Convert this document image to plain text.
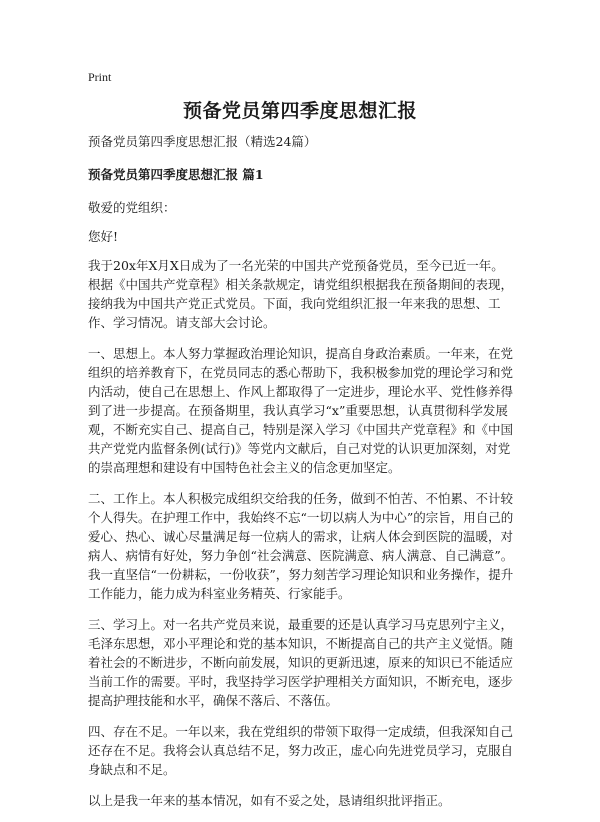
Print
预备党员第四季度思想汇报

预备党员第四季度思想汇报（精选24篇）

预备党员第四季度思想汇报 篇1

敬爱的党组织：

您好!

我于20x年X月X日成为了一名光荣的中国共产党预备党员，至今已近一年。根据《中国共产党章程》相关条款规定，请党组织根据我在预备期间的表现，接纳我为中国共产党正式党员。下面，我向党组织汇报一年来我的思想、工作、学习情况。请支部大会讨论。

一、思想上。本人努力掌握政治理论知识，提高自身政治素质。一年来，在党组织的培养教育下，在党员同志的悉心帮助下，我积极参加党的理论学习和党内活动，使自己在思想上、作风上都取得了一定进步，理论水平、党性修养得到了进一步提高。在预备期里，我认真学习“x”重要思想，认真贯彻科学发展观，不断充实自己、提高自己，特别是深入学习《中国共产党章程》和《中国共产党党内监督条例(试行)》等党内文献后，自己对党的认识更加深刻，对党的崇高理想和建设有中国特色社会主义的信念更加坚定。

二、工作上。本人积极完成组织交给我的任务，做到不怕苦、不怕累、不计较个人得失。在护理工作中，我始终不忘“一切以病人为中心”的宗旨，用自己的爱心、热心、诚心尽量满足每一位病人的需求，让病人体会到医院的温暖，对病人、病情有好处，努力争创“社会满意、医院满意、病人满意、自己满意”。我一直坚信“一份耕耘，一份收获”，努力刻苦学习理论知识和业务操作，提升工作能力，能力成为科室业务精英、行家能手。

三、学习上。对一名共产党员来说，最重要的还是认真学习马克思列宁主义，毛泽东思想，邓小平理论和党的基本知识，不断提高自己的共产主义觉悟。随着社会的不断进步，不断向前发展，知识的更新迅速，原来的知识已不能适应当前工作的需要。平时，我坚持学习医学护理相关方面知识，不断充电，逐步提高护理技能和水平，确保不落后、不落伍。

四、存在不足。一年以来，我在党组织的带领下取得一定成绩，但我深知自己还存在不足。我将会认真总结不足，努力改正，虚心向先进党员学习，克服自身缺点和不足。

以上是我一年来的基本情况，如有不妥之处，恳请组织批评指正。
